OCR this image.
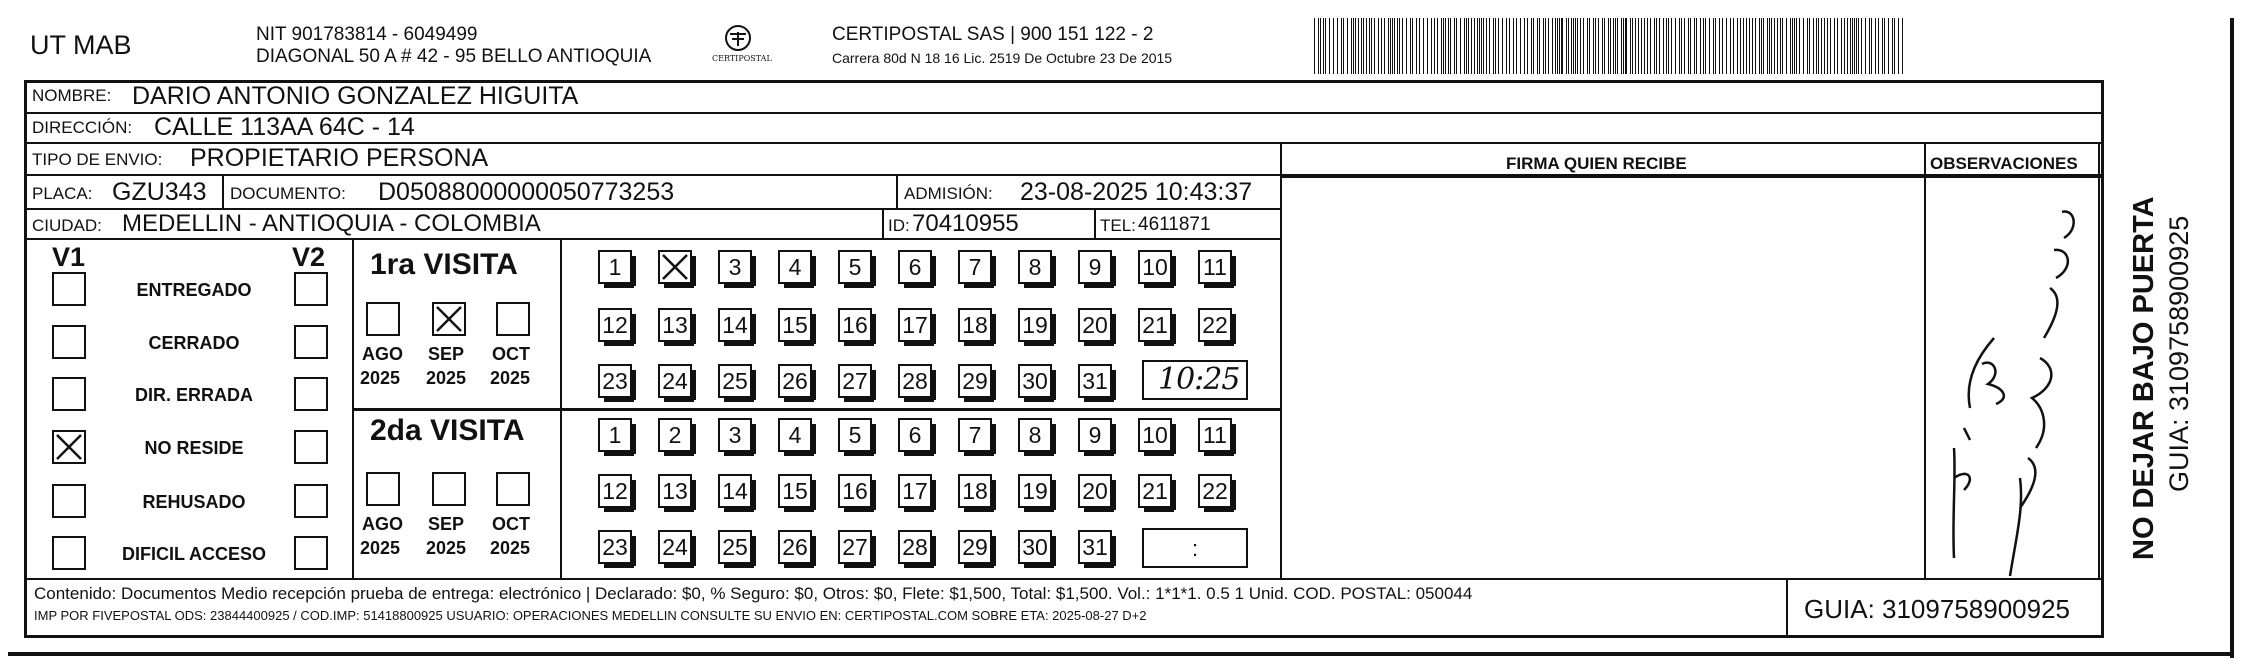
UT MAB	NIT 901783814 - 6049499
DIAGONAL 50 A # 42 - 95 BELLO ANTIOQUIA	CERTIPOSTAL
CERTIPOSTAL SAS | 900 151 122 - 2
Carrera 80d N 18 16 Lic. 2519 De Octubre 23 De 2015
NOMBRE: DARIO ANTONIO GONZALEZ HIGUITA
DIRECCIÓN: CALLE 113AA 64C - 14
TIPO DE ENVIO: PROPIETARIO PERSONA	FIRMA QUIEN RECIBE	OBSERVACIONES
PLACA: GZU343 DOCUMENTO: D05088000000050773253	ADMISIÓN: 23-08-2025 10:43:37
CIUDAD: MEDELLIN - ANTIOQUIA - COLOMBIA	ID: 70410955	TEL: 4611871
V1	V2
ENTREGADO
CERRADO
DIR. ERRADA
NO RESIDE
REHUSADO
DIFICIL ACCESO
1ra VISITA
2da VISITA
AGO
2025
SEP
2025
OCT
2025
AGO
2025
SEP
2025
OCT
2025
1	3	4	5	6	7	8	9	10 11
12 13 14 15 16 17 18 19 20 21 22
23 24 25 26 27 28 29 30 31
1	2	3	4	5	6	7	8	9	10 11
12 13 14 15 16 17 18 19 20 21 22
23 24 25 26 27 28 29 30 31
10:25
:
Contenido: Documentos Medio recepción prueba de entrega: electrónico | Declarado: $0, % Seguro: $0, Otros: $0, Flete: $1,500, Total: $1,500. Vol.: 1*1*1. 0.5 1 Unid. COD. POSTAL: 050044
IMP POR FIVEPOSTAL ODS: 23844400925 / COD.IMP: 51418800925 USUARIO: OPERACIONES MEDELLIN CONSULTE SU ENVIO EN: CERTIPOSTAL.COM SOBRE ETA: 2025-08-27 D+2	GUIA: 3109758900925
NO DEJAR BAJO PUERTA GUIA: 3109758900925
